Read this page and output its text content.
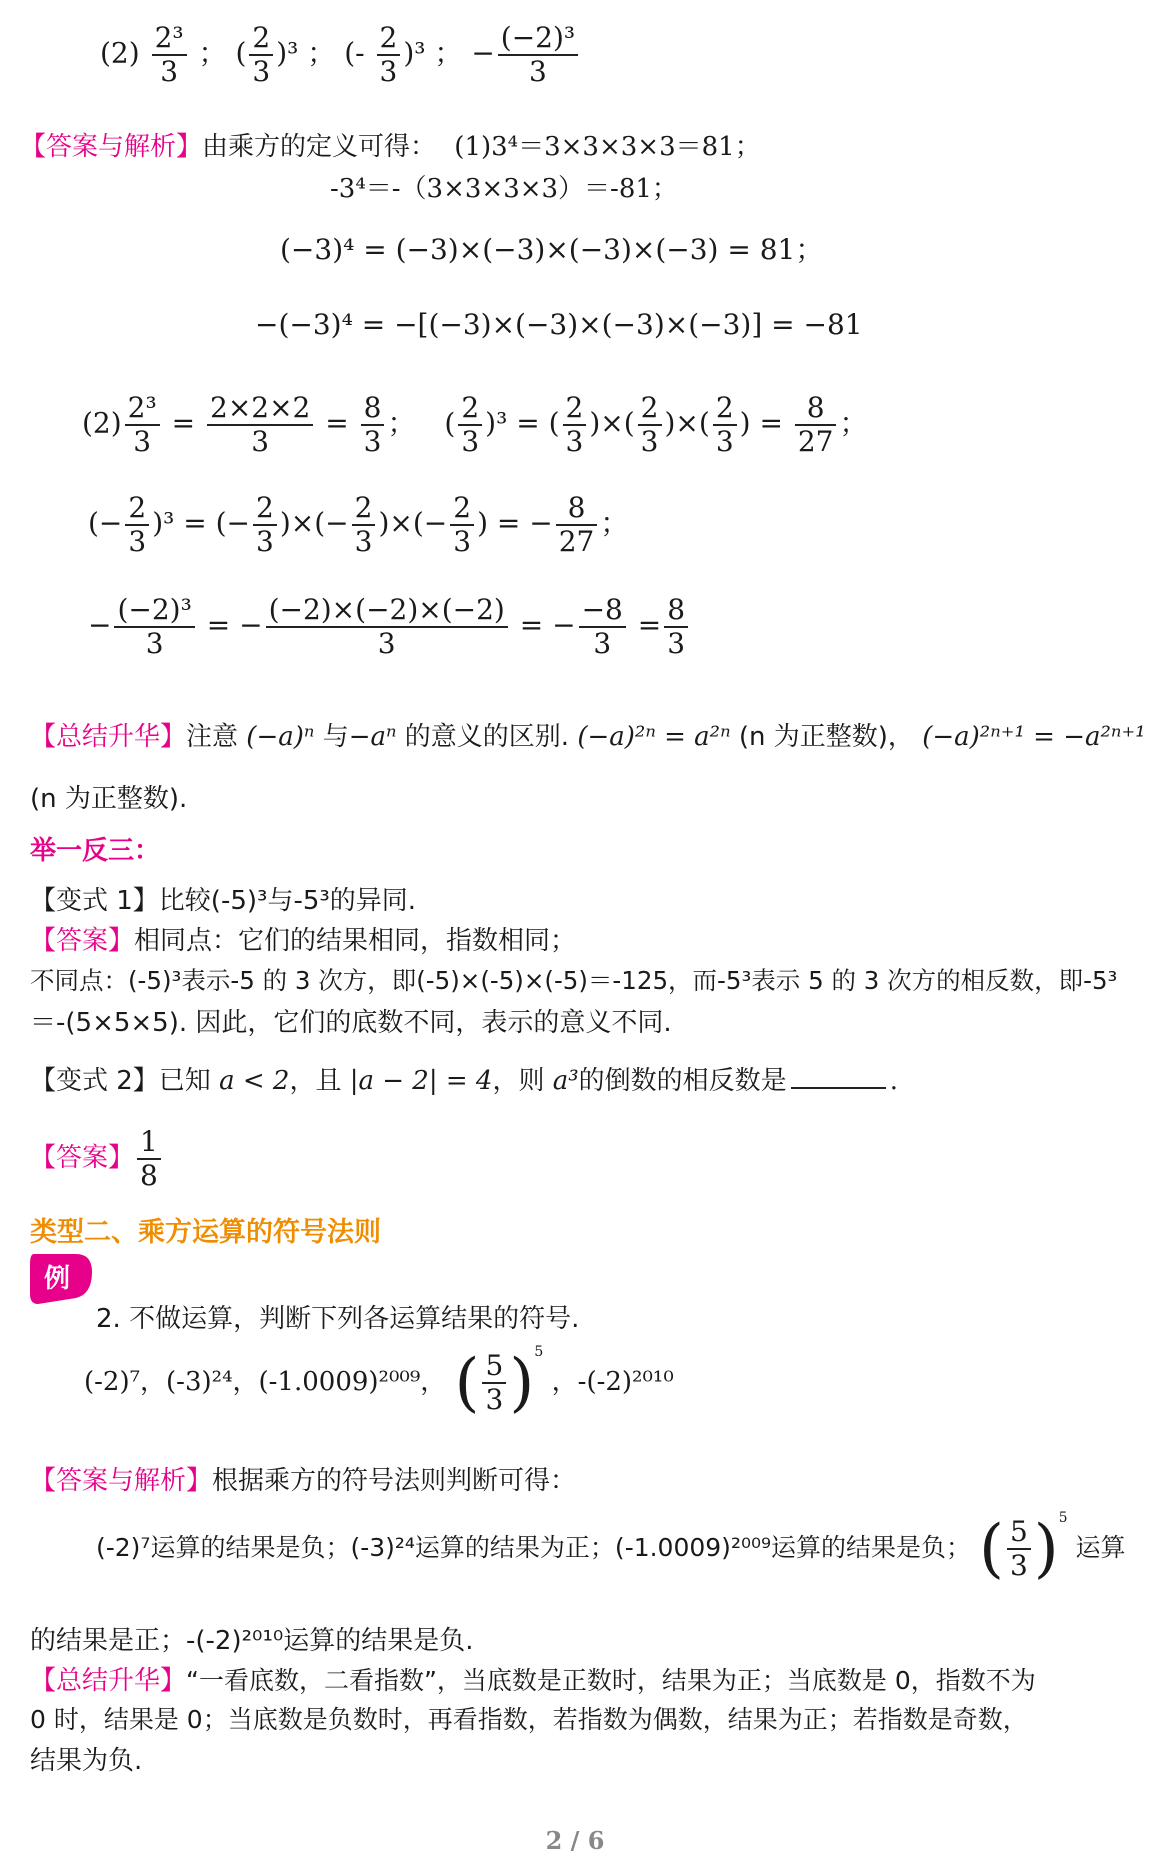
$(2) \frac{\text{2³}}{3}$ ； ( $\frac{2}{3} )^3$ ； (- $\frac{2}{3} )^3$ ； − $\frac{\text{(−2)³}}{3}$
【答案与解析】由乘方的定义可得： (1)3⁴＝3×3×3×3＝81；
-3⁴＝-（3×3×3×3）＝-81；
(−3)⁴ = (−3)×(−3)×(−3)×(−3) = 81；
−(−3)⁴ = −[(−3)×(−3)×(−3)×(−3)] = −81
$(2) \frac{\text{2³}}{3} = \frac{2\times 2\times 2}{3} = \frac{8}{3}$ ； ( $\frac{2}{3} )^3$ = ( $\frac{2}{3}$ )×( $\frac{2}{3}$ )×( $\frac{2}{3}$ ) = $\frac{8}{27}$ ；
(− $\frac{2}{3} )^3$ = (− $\frac{2}{3}$ )×(− $\frac{2}{3}$ )×(− $\frac{2}{3}$ ) = − $\frac{8}{27}$ ；
− $\frac{\text{(−2)³}}{3}$ = − $\frac{(-2)\times(-2)\times(-2)}{3}$ = − $\frac{-8}{3} = \frac{8}{3}$
【总结升华】注意 (−a)ⁿ 与−aⁿ 的意义的区别. (−a)²ⁿ = a²ⁿ (n 为正整数)， (−a)²ⁿ⁺¹ = −a²ⁿ⁺¹
(n 为正整数).
举一反三：
【变式 1】比较(-5)³与-5³的异同.
【答案】相同点：它们的结果相同，指数相同；
不同点：(-5)³表示-5 的 3 次方，即(-5)×(-5)×(-5)＝-125，而-5³表示 5 的 3 次方的相反数，即-5³
＝-(5×5×5). 因此，它们的底数不同，表示的意义不同.
【变式 2】已知 a < 2，且 |a − 2| = 4，则 a³的倒数的相反数是	.
【答案】 $\frac{1}{8}$
类型二、乘方运算的符号法则
例
2. 不做运算，判断下列各运算结果的符号.
(-2)⁷，(-3)²⁴，(-1.0009)²⁰⁰⁹， ( $\frac{5}{3} )^5$ ，-(-2)²⁰¹⁰
【答案与解析】根据乘方的符号法则判断可得：
(-2)⁷运算的结果是负；(-3)²⁴运算的结果为正；(-1.0009)²⁰⁰⁹运算的结果是负； ( $\frac{5}{3} )^5$ 运算
的结果是正；-(-2)²⁰¹⁰运算的结果是负.
【总结升华】“一看底数，二看指数”，当底数是正数时，结果为正；当底数是 0，指数不为
0 时，结果是 0；当底数是负数时，再看指数，若指数为偶数，结果为正；若指数是奇数，
结果为负.
2 / 6
